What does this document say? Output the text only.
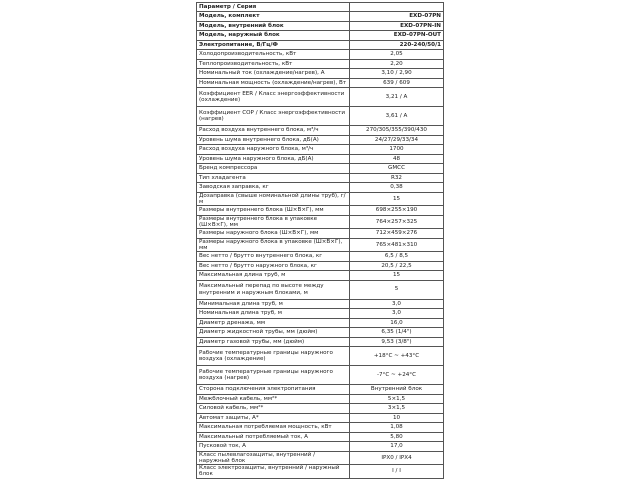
Параметр / Серия	
Модель, комплект	EXD-07PN
Модель, внутренний блок	EXD-07PN-IN
Модель, наружный блок	EXD-07PN-OUT
Электропитание, В/Гц/Ф	220-240/50/1
Холодопроизводительность, кВт	2,05
Теплопроизводительность, кВт	2,20
Номинальный ток (охлаждение/нагрев), А	3,10 / 2,90
Номинальная мощность (охлаждение/нагрев), Вт	639 / 609
Коэффициент EER / Класс энергоэффективности (охлаждение)	3,21 / A
Коэффициент COP / Класс энергоэффективности (нагрев)	3,61 / A
Расход воздуха внутреннего блока, м³/ч	270/305/355/390/430
Уровень шума внутреннего блока, дБ(А)	24/27/29/33/34
Расход воздуха наружного блока, м³/ч	1700
Уровень шума наружного блока, дБ(А)	48
Бренд компрессора	GMCC
Тип хладагента	R32
Заводская заправка, кг	0,38
Дозаправка (свыше номинальной длины труб), г/м	15
Размеры внутреннего блока (Ш×В×Г), мм	698×255×190
Размеры внутреннего блока в упаковке (Ш×В×Г), мм	764×257×325
Размеры наружного блока (Ш×В×Г), мм	712×459×276
Размеры наружного блока в упаковке (Ш×В×Г), мм	765×481×310
Вес нетто / брутто внутреннего блока, кг	6,5 / 8,5
Вес нетто / брутто наружного блока, кг	20,5 / 22,5
Максимальная длина труб, м	15
Максимальный перепад по высоте между внутренним и наружным блоками, м	5
Минимальная длина труб, м	3,0
Номинальная длина труб, м	3,0
Диаметр дренажа, мм	16,0
Диаметр жидкостной трубы, мм (дюйм)	6,35 (1/4")
Диаметр газовой трубы, мм (дюйм)	9,53 (3/8")
Рабочие температурные границы наружного воздуха (охлаждение)	+18°C ~ +43°C
Рабочие температурные границы наружного воздуха (нагрев)	-7°C ~ +24°C
Сторона подключения электропитания	Внутренний блок
Межблочный кабель, мм²*	5×1,5
Силовой кабель, мм²*	3×1,5
Автомат защиты, А*	10
Максимальная потребляемая мощность, кВт	1,08
Максимальный потребляемый ток, А	5,80
Пусковой ток, А	17,0
Класс пылевлагозащиты, внутренний / наружный блок	IPX0 / IPX4
Класс электрозащиты, внутренний / наружный блок	I / I
